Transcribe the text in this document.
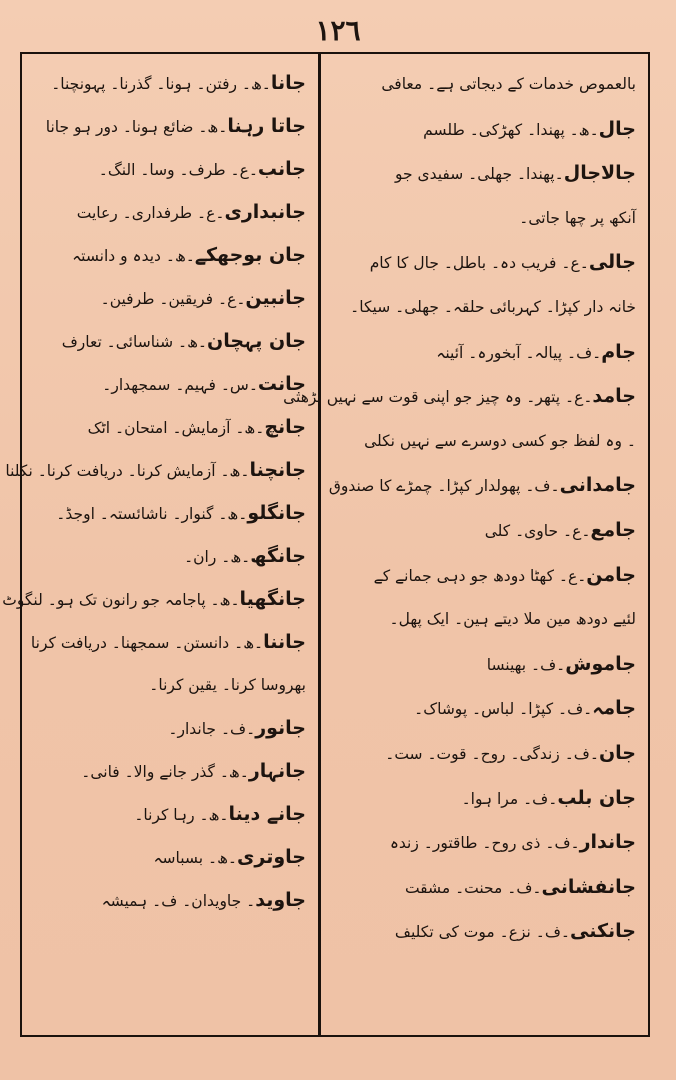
١٢٦
بالعموص خدمات کے دیجاتی ہے۔ معافی
جال۔ھ۔ پھندا۔ کھڑکی۔ طلسم
جالاجال۔پھندا۔ جھلی۔ سفیدی جو
آنکھ پر چھا جاتی۔
جالی۔ع۔ فریب دہ۔ باطل۔ جال کا کام
خانہ دار کپڑا۔ کہربائی حلقہ۔ جھلی۔ سیکا۔
جام۔ف۔ پیالہ۔ آبخورہ۔ آئینہ
جامد۔ع۔ پتھر۔ وہ چیز جو اپنی قوت سے نہیں بڑھتی
۔ وہ لفظ جو کسی دوسرے سے نہیں نکلی
جامدانی۔ف۔ پھولدار کپڑا۔ چمڑے کا صندوق
جامع۔ع۔ حاوی۔ کلی
جامن۔ع۔ کھٹا دودھ جو دہی جمانے کے
لئیے دودھ مین ملا دیتے ہین۔ ایک پھل۔
جاموش۔ف۔ بھینسا
جامہ۔ف۔ کپڑا۔ لباس۔ پوشاک۔
جان۔ف۔ زندگی۔ روح۔ قوت۔ ست۔
جان بلب۔ف۔ مرا ہوا۔
جاندار۔ف۔ ذی روح۔ طاقتور۔ زندہ
جانفشانی۔ف۔ محنت۔ مشقت
جانکنی۔ف۔ نزع۔ موت کی تکلیف
جانا۔ھ۔ رفتن۔ ہونا۔ گذرنا۔ پہونچنا۔
جاتا رہنا۔ھ۔ ضائع ہونا۔ دور ہو جانا
جانب۔ع۔ طرف۔ وسا۔ النگ۔
جانبداری۔ع۔ طرفداری۔ رعایت
جان بوجھکے۔ھ۔ دیدہ و دانستہ
جانبین۔ع۔ فریقین۔ طرفین۔
جان پہچان۔ھ۔ شناسائی۔ تعارف
جانت۔س۔ فہیم۔ سمجھدار۔
جانچ۔ھ۔ آزمایش۔ امتحان۔ اٹک
جانچنا۔ھ۔ آزمایش کرنا۔ دریافت کرنا۔ نکلنا
جانگلو۔ھ۔ گنوار۔ ناشائستہ۔ اوجڈ۔
جانگھ۔ھ۔ ران۔
جانگھیا۔ھ۔ پاجامہ جو رانون تک ہو۔ لنگوٹ
جاننا۔ھ۔ دانستن۔ سمجھنا۔ دریافت کرنا
بھروسا کرنا۔ یقین کرنا۔
جانور۔ف۔ جاندار۔
جانہار۔ھ۔ گذر جانے والا۔ فانی۔
جانے دینا۔ھ۔ رہا کرنا۔
جاوتری۔ھ۔ بسباسہ
جاوید۔ جاویدان۔ ف۔ ہمیشہ
